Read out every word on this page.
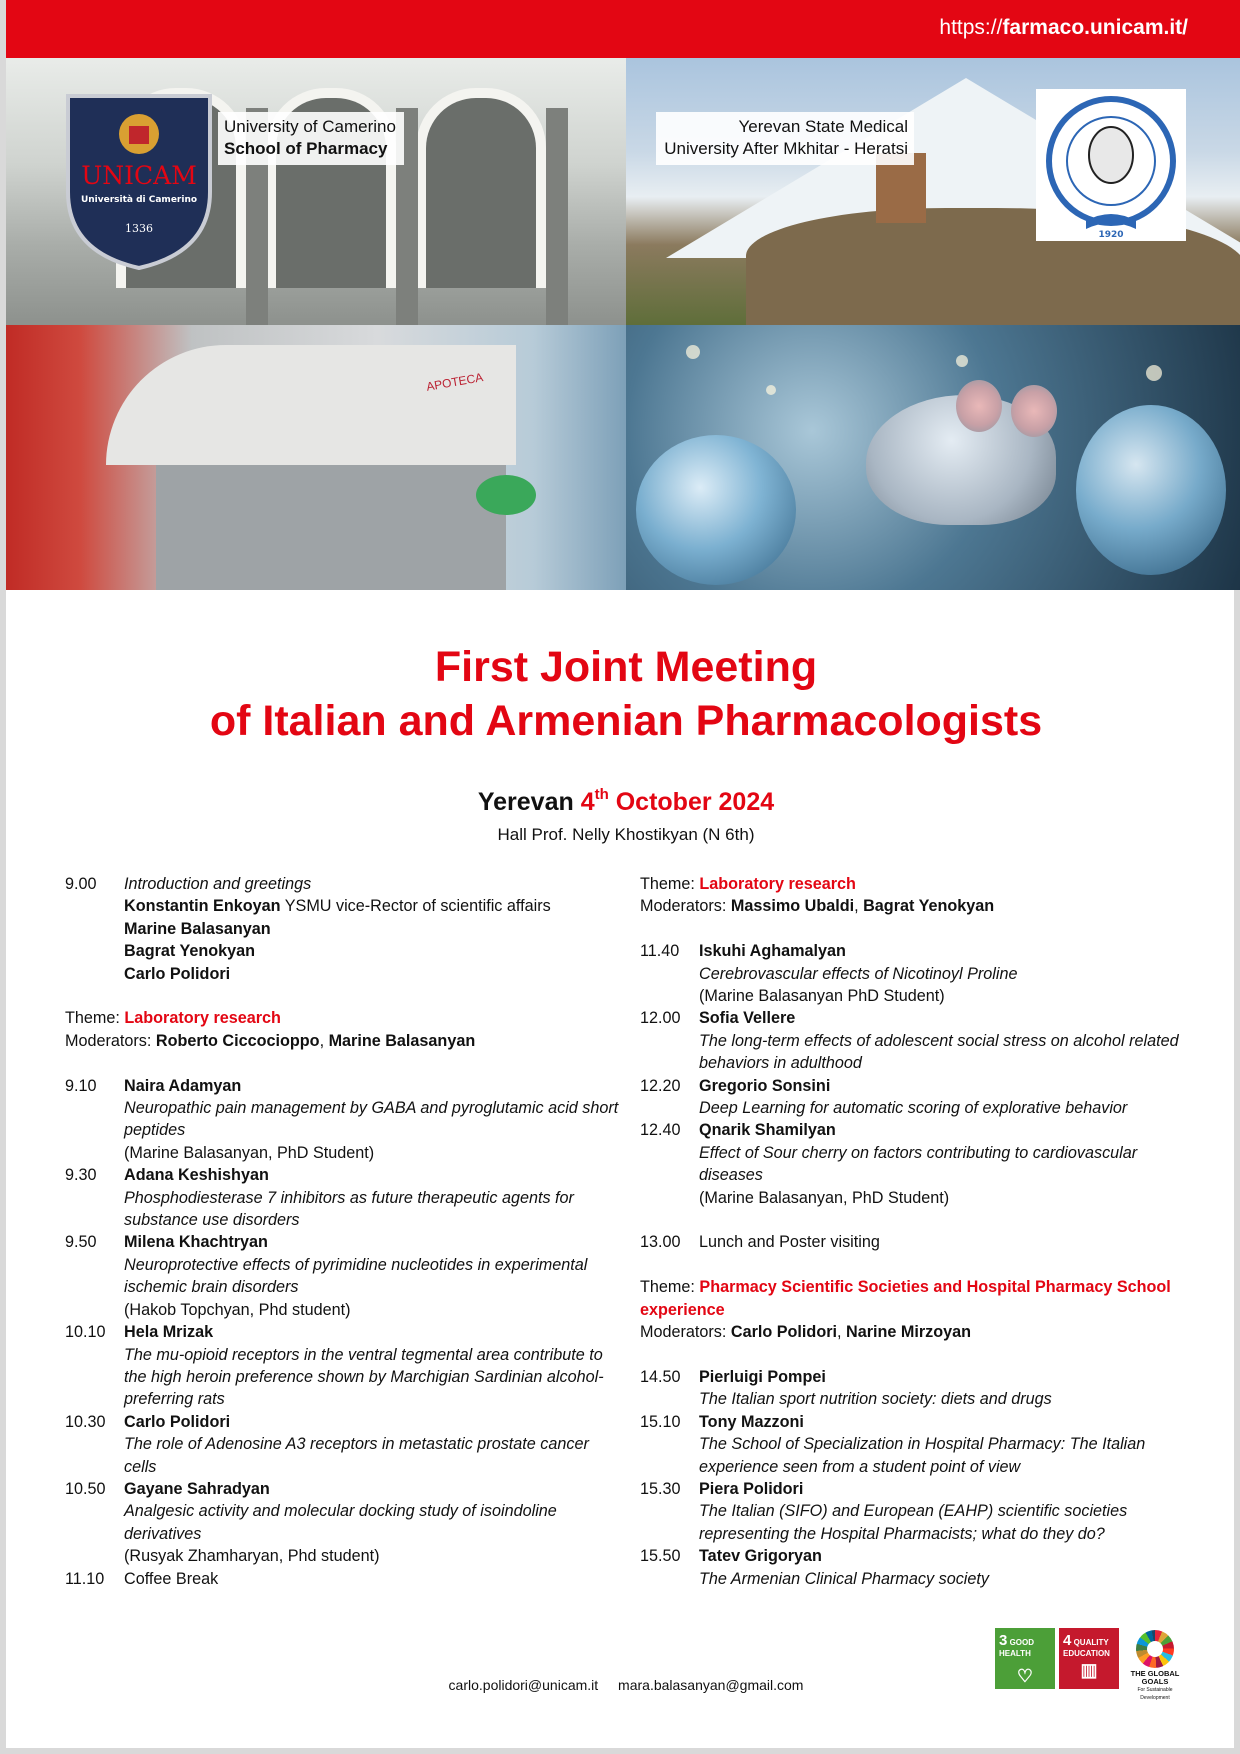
https://farmaco.unicam.it/
APOTECA
UNICAM
Università di Camerino
1336
University of Camerino
School of Pharmacy
Yerevan State Medical
University After Mkhitar - Heratsi
1920
First Joint Meeting
of Italian and Armenian Pharmacologists
Yerevan 4th October 2024
Hall Prof. Nelly Khostikyan (N 6th)
9.00	Introduction and greetings
Konstantin Enkoyan YSMU vice-Rector of scientific affairs
Marine Balasanyan
Bagrat Yenokyan
Carlo Polidori
Theme: Laboratory research
Moderators: Roberto Ciccocioppo, Marine Balasanyan
9.10	Naira Adamyan
Neuropathic pain management by GABA and pyroglutamic acid short peptides
(Marine Balasanyan, PhD Student)
9.30	Adana Keshishyan
Phosphodiesterase 7 inhibitors as future therapeutic agents for substance use disorders
9.50	Milena Khachtryan
Neuroprotective effects of pyrimidine nucleotides in experimental ischemic brain disorders
(Hakob Topchyan, Phd student)
10.10	Hela Mrizak
The mu-opioid receptors in the ventral tegmental area contribute to the high heroin preference shown by Marchigian Sardinian alcohol-preferring rats
10.30	Carlo Polidori
The role of Adenosine A3 receptors in metastatic prostate cancer cells
10.50	Gayane Sahradyan
Analgesic activity and molecular docking study of isoindoline derivatives
(Rusyak Zhamharyan, Phd student)
11.10	Coffee Break
Theme: Laboratory research
Moderators: Massimo Ubaldi, Bagrat Yenokyan
11.40	Iskuhi Aghamalyan
Cerebrovascular effects of Nicotinoyl Proline
(Marine Balasanyan PhD Student)
12.00	Sofia Vellere
The long-term effects of adolescent social stress on alcohol related behaviors in adulthood
12.20	Gregorio Sonsini
Deep Learning for automatic scoring of explorative behavior
12.40	Qnarik Shamilyan
Effect of Sour cherry on factors contributing to cardiovascular diseases
(Marine Balasanyan, PhD Student)
13.00	Lunch and Poster visiting
Theme: Pharmacy Scientific Societies and Hospital Pharmacy School experience
Moderators: Carlo Polidori, Narine Mirzoyan
14.50	Pierluigi Pompei
The Italian sport nutrition society: diets and drugs
15.10	Tony Mazzoni
The School of Specialization in Hospital Pharmacy: The Italian experience seen from a student point of view
15.30	Piera Polidori
The Italian (SIFO) and European (EAHP) scientific societies representing the Hospital Pharmacists; what do they do?
15.50	Tatev Grigoryan
The Armenian Clinical Pharmacy society
3 GOOD HEALTH
♡
4 QUALITY EDUCATION
▥	THE GLOBAL GOALS
For Sustainable Development
carlo.polidori@unicam.it mara.balasanyan@gmail.com
